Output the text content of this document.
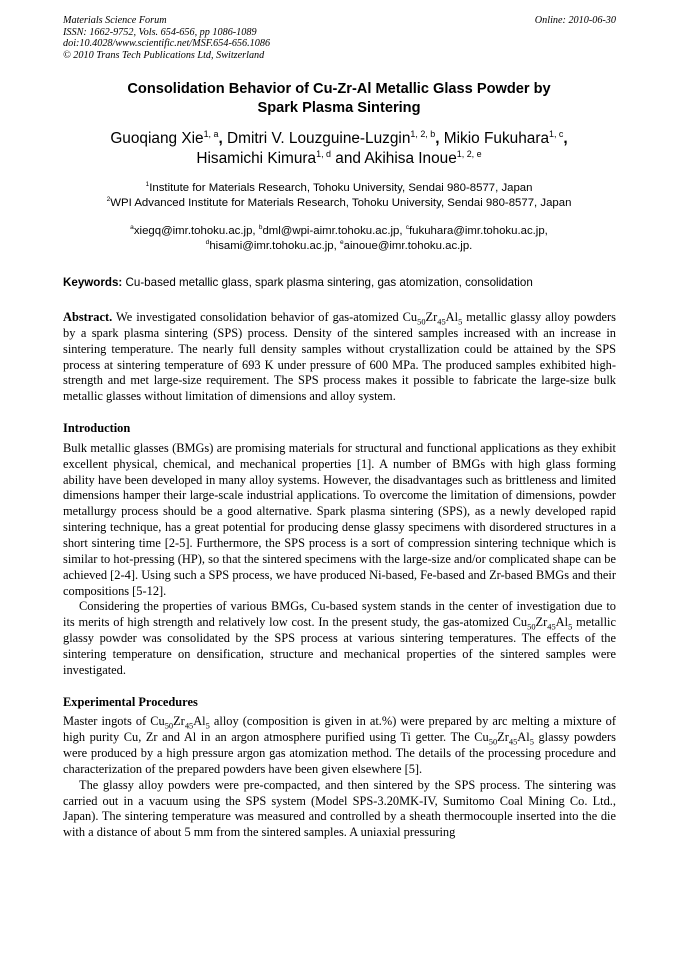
Materials Science Forum
ISSN: 1662-9752, Vols. 654-656, pp 1086-1089
doi:10.4028/www.scientific.net/MSF.654-656.1086
© 2010 Trans Tech Publications Ltd, Switzerland
Online: 2010-06-30
Consolidation Behavior of Cu-Zr-Al Metallic Glass Powder by
Spark Plasma Sintering
Guoqiang Xie$^{1, a}$, Dmitri V. Louzguine-Luzgin$^{1, 2, b}$, Mikio Fukuhara$^{1, c}$,
Hisamichi Kimura$^{1, d}$ and Akihisa Inoue$^{1, 2, e}$
$^1$Institute for Materials Research, Tohoku University, Sendai 980-8577, Japan
$^2$WPI Advanced Institute for Materials Research, Tohoku University, Sendai 980-8577, Japan
$^a$xiegq@imr.tohoku.ac.jp, $^b$dml@wpi-aimr.tohoku.ac.jp, $^c$fukuhara@imr.tohoku.ac.jp,
$^d$hisami@imr.tohoku.ac.jp, $^e$ainoue@imr.tohoku.ac.jp.
Keywords: Cu-based metallic glass, spark plasma sintering, gas atomization, consolidation

Abstract. We investigated consolidation behavior of gas-atomized $Cu_{50}Zr_{45}Al_5$ metallic glassy alloy powders by a spark plasma sintering (SPS) process. Density of the sintered samples increased with an increase in sintering temperature. The nearly full density samples without crystallization could be attained by the SPS process at sintering temperature of 693 K under pressure of 600 MPa. The produced samples exhibited high-strength and met large-size requirement. The SPS process makes it possible to fabricate the large-size bulk metallic glasses without limitation of dimensions and alloy system.

Introduction

Bulk metallic glasses (BMGs) are promising materials for structural and functional applications as they exhibit excellent physical, chemical, and mechanical properties [1]. A number of BMGs with high glass forming ability have been developed in many alloy systems. However, the disadvantages such as brittleness and limited dimensions hamper their large-scale industrial applications. To overcome the limitation of dimensions, powder metallurgy process should be a good alternative. Spark plasma sintering (SPS), as a newly developed rapid sintering technique, has a great potential for producing dense glassy specimens with disordered structures in a short sintering time [2-5]. Furthermore, the SPS process is a sort of compression sintering technique which is similar to hot-pressing (HP), so that the sintered specimens with the large-size and/or complicated shape can be achieved [2-4]. Using such a SPS process, we have produced Ni-based, Fe-based and Zr-based BMGs and their compositions [5-12].

Considering the properties of various BMGs, Cu-based system stands in the center of investigation due to its merits of high strength and relatively low cost. In the present study, the gas-atomized $Cu_{50}Zr_{45}Al_5$ metallic glassy powder was consolidated by the SPS process at various sintering temperatures. The effects of the sintering temperature on densification, structure and mechanical properties of the sintered samples were investigated.

Experimental Procedures

Master ingots of $Cu_{50}Zr_{45}Al_5$ alloy (composition is given in at.%) were prepared by arc melting a mixture of high purity Cu, Zr and Al in an argon atmosphere purified using Ti getter. The $Cu_{50}Zr_{45}Al_5$ glassy powders were produced by a high pressure argon gas atomization method. The details of the processing procedure and characterization of the prepared powders have been given elsewhere [5].

The glassy alloy powders were pre-compacted, and then sintered by the SPS process. The sintering was carried out in a vacuum using the SPS system (Model SPS-3.20MK-IV, Sumitomo Coal Mining Co. Ltd., Japan). The sintering temperature was measured and controlled by a sheath thermocouple inserted into the die with a distance of about 5 mm from the sintered samples. A uniaxial pressuring
